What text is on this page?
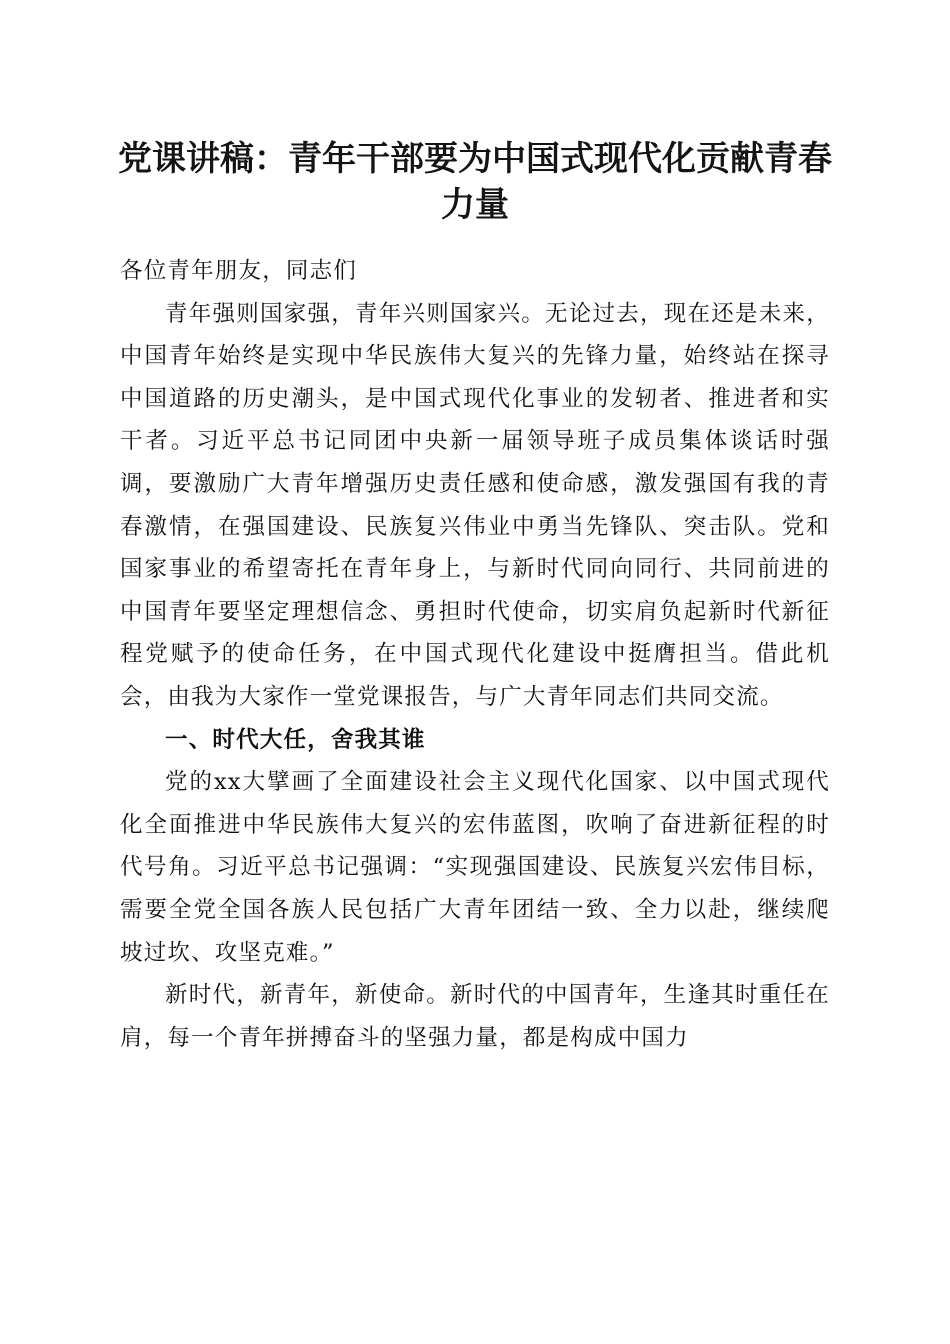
党课讲稿：青年干部要为中国式现代化贡献青春力量

各位青年朋友，同志们

青年强则国家强，青年兴则国家兴。无论过去，现在还是未来，中国青年始终是实现中华民族伟大复兴的先锋力量，始终站在探寻中国道路的历史潮头，是中国式现代化事业的发轫者、推进者和实干者。习近平总书记同团中央新一届领导班子成员集体谈话时强调，要激励广大青年增强历史责任感和使命感，激发强国有我的青春激情，在强国建设、民族复兴伟业中勇当先锋队、突击队。党和国家事业的希望寄托在青年身上，与新时代同向同行、共同前进的中国青年要坚定理想信念、勇担时代使命，切实肩负起新时代新征程党赋予的使命任务，在中国式现代化建设中挺膺担当。借此机会，由我为大家作一堂党课报告，与广大青年同志们共同交流。

一、时代大任，舍我其谁

党的xx大擘画了全面建设社会主义现代化国家、以中国式现代化全面推进中华民族伟大复兴的宏伟蓝图，吹响了奋进新征程的时代号角。习近平总书记强调：“实现强国建设、民族复兴宏伟目标，需要全党全国各族人民包括广大青年团结一致、全力以赴，继续爬坡过坎、攻坚克难。”

新时代，新青年，新使命。新时代的中国青年，生逢其时重任在肩，每一个青年拼搏奋斗的坚强力量，都是构成中国力
